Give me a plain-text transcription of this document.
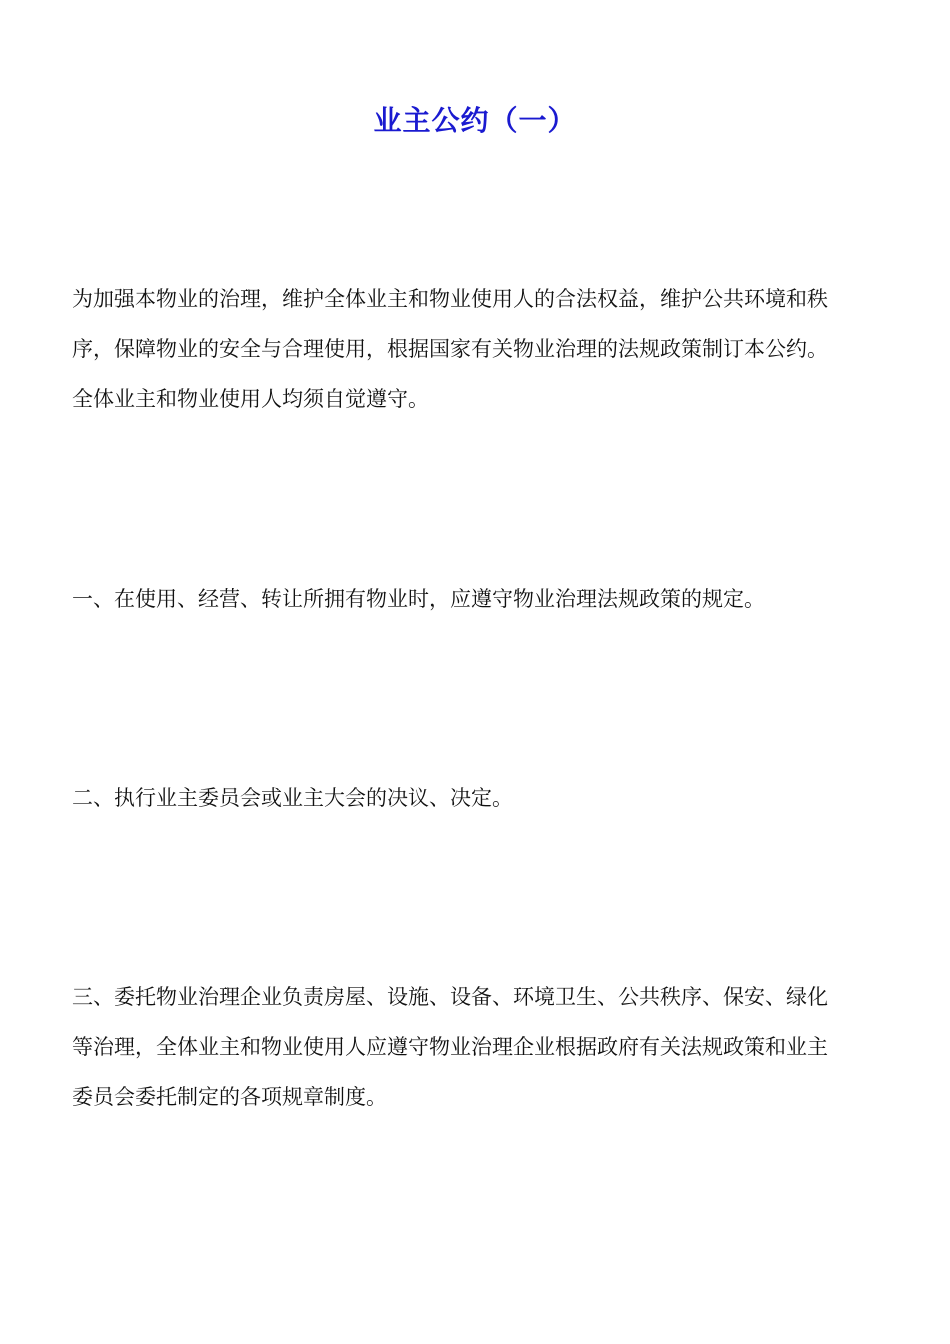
业主公约（一）

为加强本物业的治理，维护全体业主和物业使用人的合法权益，维护公共环境和秩
序，保障物业的安全与合理使用，根据国家有关物业治理的法规政策制订本公约。
全体业主和物业使用人均须自觉遵守。

一、在使用、经营、转让所拥有物业时，应遵守物业治理法规政策的规定。

二、执行业主委员会或业主大会的决议、决定。

三、委托物业治理企业负责房屋、设施、设备、环境卫生、公共秩序、保安、绿化
等治理，全体业主和物业使用人应遵守物业治理企业根据政府有关法规政策和业主
委员会委托制定的各项规章制度。
